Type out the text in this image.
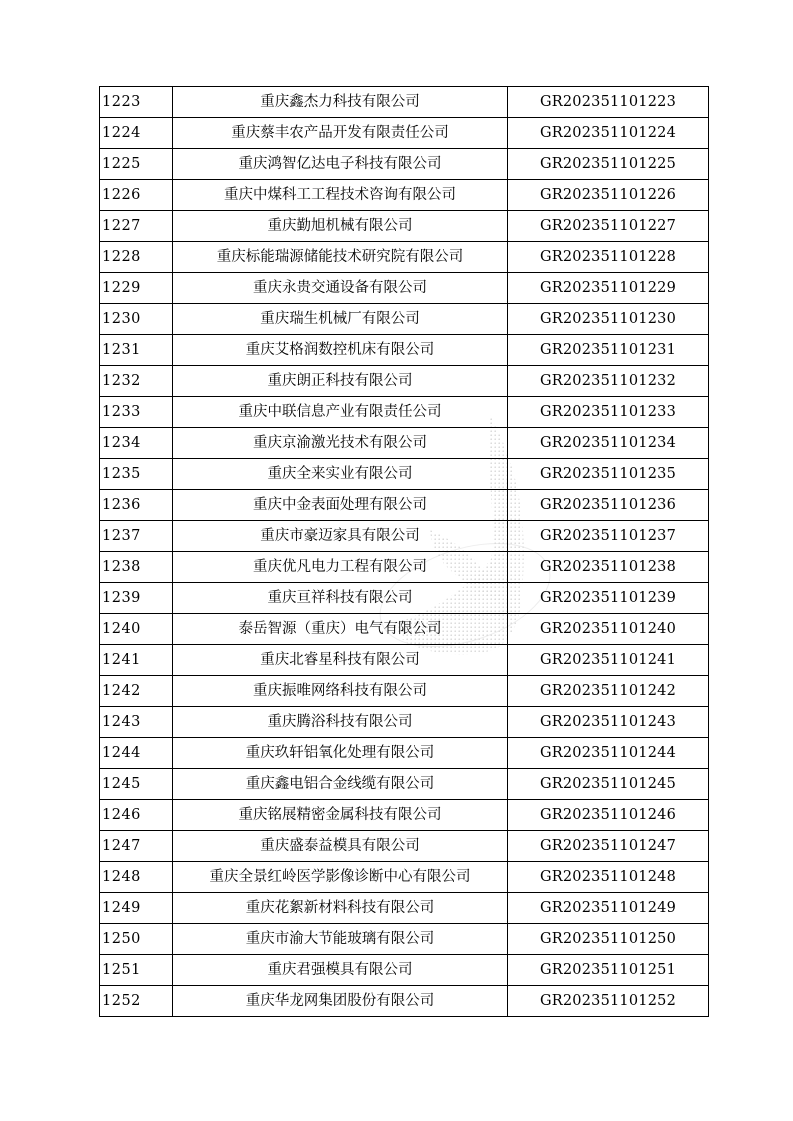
1223	重庆鑫杰力科技有限公司	GR202351101223
1224	重庆蔡丰农产品开发有限责任公司	GR202351101224
1225	重庆鸿智亿达电子科技有限公司	GR202351101225
1226	重庆中煤科工工程技术咨询有限公司	GR202351101226
1227	重庆勤旭机械有限公司	GR202351101227
1228	重庆标能瑞源储能技术研究院有限公司	GR202351101228
1229	重庆永贵交通设备有限公司	GR202351101229
1230	重庆瑞生机械厂有限公司	GR202351101230
1231	重庆艾格润数控机床有限公司	GR202351101231
1232	重庆朗正科技有限公司	GR202351101232
1233	重庆中联信息产业有限责任公司	GR202351101233
1234	重庆京渝激光技术有限公司	GR202351101234
1235	重庆全来实业有限公司	GR202351101235
1236	重庆中金表面处理有限公司	GR202351101236
1237	重庆市豪迈家具有限公司	GR202351101237
1238	重庆优凡电力工程有限公司	GR202351101238
1239	重庆亘祥科技有限公司	GR202351101239
1240	泰岳智源（重庆）电气有限公司	GR202351101240
1241	重庆北睿星科技有限公司	GR202351101241
1242	重庆振唯网络科技有限公司	GR202351101242
1243	重庆腾浴科技有限公司	GR202351101243
1244	重庆玖轩铝氧化处理有限公司	GR202351101244
1245	重庆鑫电铝合金线缆有限公司	GR202351101245
1246	重庆铭展精密金属科技有限公司	GR202351101246
1247	重庆盛泰益模具有限公司	GR202351101247
1248	重庆全景红岭医学影像诊断中心有限公司	GR202351101248
1249	重庆花絮新材料科技有限公司	GR202351101249
1250	重庆市渝大节能玻璃有限公司	GR202351101250
1251	重庆君强模具有限公司	GR202351101251
1252	重庆华龙网集团股份有限公司	GR202351101252
